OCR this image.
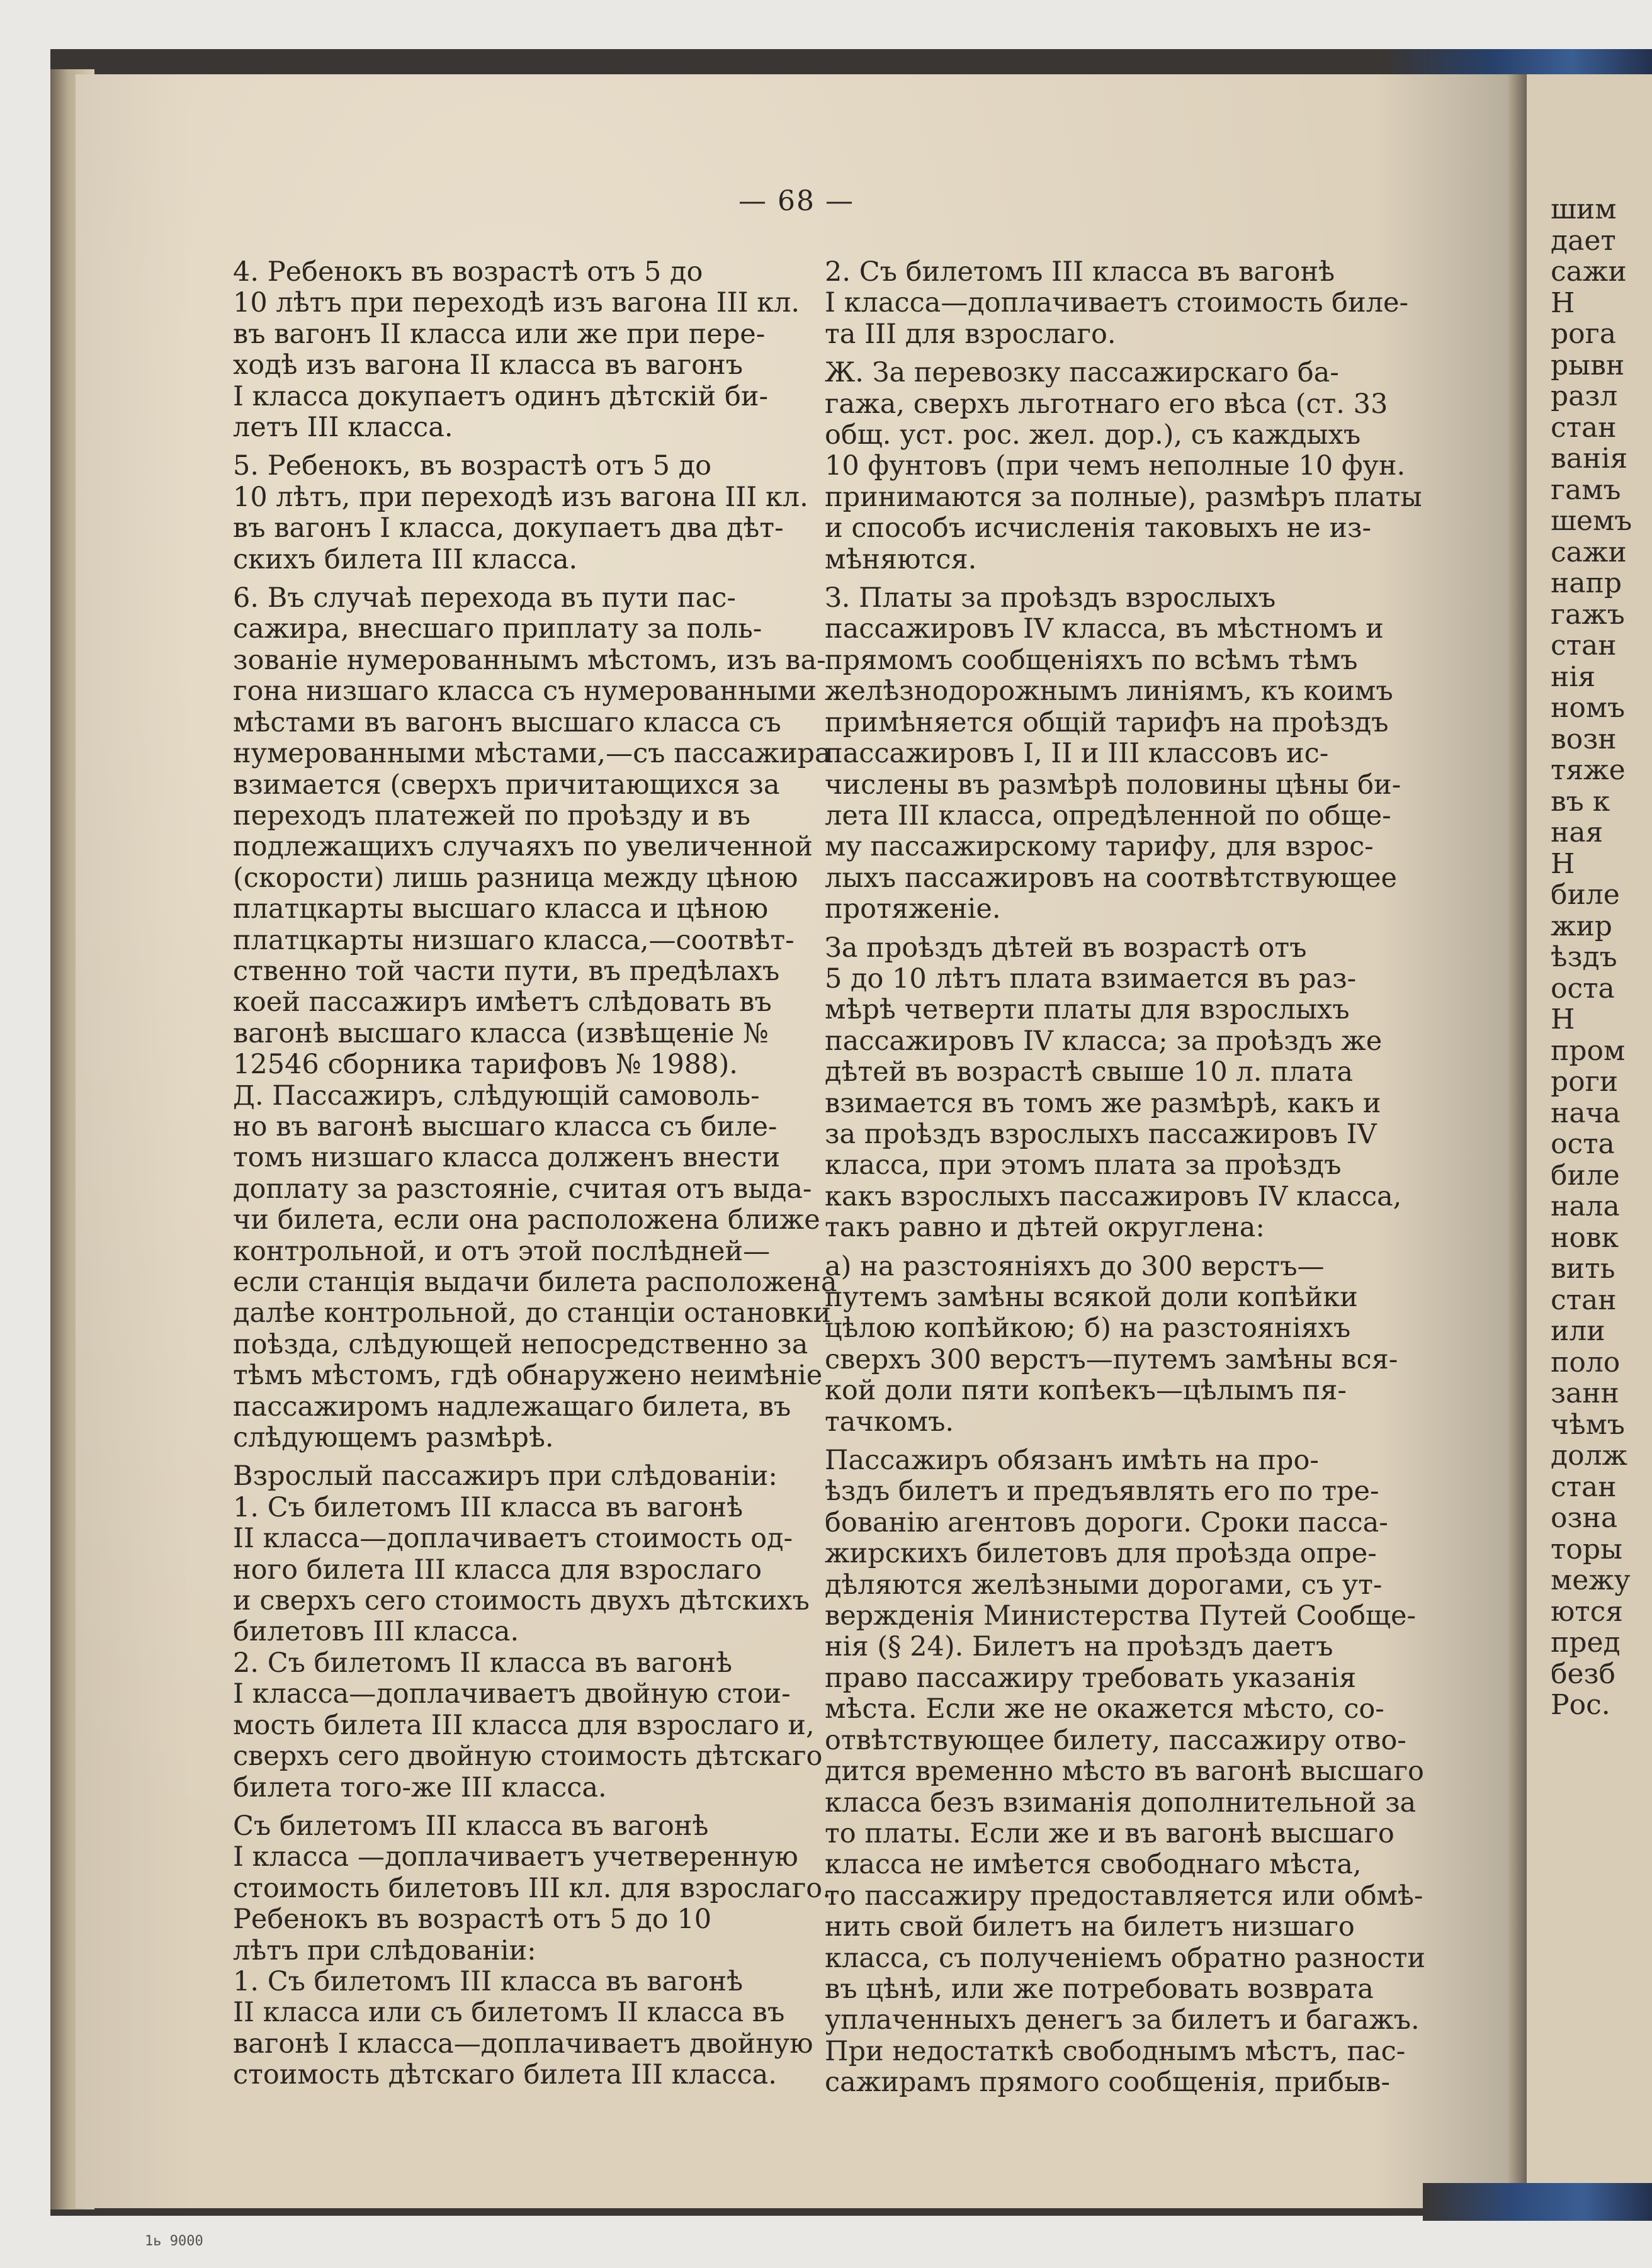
— 68 —
4. Ребенокъ въ возрастѣ отъ 5 до
10 лѣтъ при переходѣ изъ вагона III кл.
въ вагонъ II класса или же при пере-
ходѣ изъ вагона II класса въ вагонъ
I класса докупаетъ одинъ дѣтскій би-
летъ III класса.
5. Ребенокъ, въ возрастѣ отъ 5 до
10 лѣтъ, при переходѣ изъ вагона III кл.
въ вагонъ I класса, докупаетъ два дѣт-
скихъ билета III класса.
6. Въ случаѣ перехода въ пути пас-
сажира, внесшаго приплату за поль-
зованіе нумерованнымъ мѣстомъ, изъ ва-
гона низшаго класса съ нумерованными
мѣстами въ вагонъ высшаго класса съ
нумерованными мѣстами,—съ пассажира
взимается (сверхъ причитающихся за
переходъ платежей по проѣзду и въ
подлежащихъ случаяхъ по увеличенной
(скорости) лишь разница между цѣною
платцкарты высшаго класса и цѣною
платцкарты низшаго класса,—соотвѣт-
ственно той части пути, въ предѣлахъ
коей пассажиръ имѣетъ слѣдовать въ
вагонѣ высшаго класса (извѣщеніе №
12546 сборника тарифовъ № 1988).
Д. Пассажиръ, слѣдующій самоволь-
но въ вагонѣ высшаго класса съ биле-
томъ низшаго класса долженъ внести
доплату за разстояніе, считая отъ выда-
чи билета, если она расположена ближе
контрольной, и отъ этой послѣдней—
если станція выдачи билета расположена
далѣе контрольной, до станціи остановки
поѣзда, слѣдующей непосредственно за
тѣмъ мѣстомъ, гдѣ обнаружено неимѣніе
пассажиромъ надлежащаго билета, въ
слѣдующемъ размѣрѣ.
Взрослый пассажиръ при слѣдованіи:
1. Съ билетомъ III класса въ вагонѣ
II класса—доплачиваетъ стоимость од-
ного билета III класса для взрослаго
и сверхъ сего стоимость двухъ дѣтскихъ
билетовъ III класса.
2. Съ билетомъ II класса въ вагонѣ
I класса—доплачиваетъ двойную стои-
мость билета III класса для взрослаго и,
сверхъ сего двойную стоимость дѣтскаго
билета того-же III класса.
Съ билетомъ III класса въ вагонѣ
I класса —доплачиваетъ учетверенную
стоимость билетовъ III кл. для взрослаго.
Ребенокъ въ возрастѣ отъ 5 до 10
лѣтъ при слѣдованіи:
1. Съ билетомъ III класса въ вагонѣ
II класса или съ билетомъ II класса въ
вагонѣ I класса—доплачиваетъ двойную
стоимость дѣтскаго билета III класса.
2. Съ билетомъ III класса въ вагонѣ
I класса—доплачиваетъ стоимость биле-
та III для взрослаго.
Ж. За перевозку пассажирскаго ба-
гажа, сверхъ льготнаго его вѣса (ст. 33
общ. уст. рос. жел. дор.), съ каждыхъ
10 фунтовъ (при чемъ неполные 10 фун.
принимаются за полные), размѣръ платы
и способъ исчисленія таковыхъ не из-
мѣняются.
З. Платы за проѣздъ взрослыхъ
пассажировъ IV класса, въ мѣстномъ и
прямомъ сообщеніяхъ по всѣмъ тѣмъ
желѣзнодорожнымъ линіямъ, къ коимъ
примѣняется общій тарифъ на проѣздъ
пассажировъ I, II и III классовъ ис-
числены въ размѣрѣ половины цѣны би-
лета III класса, опредѣленной по обще-
му пассажирскому тарифу, для взрос-
лыхъ пассажировъ на соотвѣтствующее
протяженіе.
За проѣздъ дѣтей въ возрастѣ отъ
5 до 10 лѣтъ плата взимается въ раз-
мѣрѣ четверти платы для взрослыхъ
пассажировъ IV класса; за проѣздъ же
дѣтей въ возрастѣ свыше 10 л. плата
взимается въ томъ же размѣрѣ, какъ и
за проѣздъ взрослыхъ пассажировъ IV
класса, при этомъ плата за проѣздъ
какъ взрослыхъ пассажировъ IV класса,
такъ равно и дѣтей округлена:
а) на разстояніяхъ до 300 верстъ—
путемъ замѣны всякой доли копѣйки
цѣлою копѣйкою; б) на разстояніяхъ
сверхъ 300 верстъ—путемъ замѣны вся-
кой доли пяти копѣекъ—цѣлымъ пя-
тачкомъ.
Пассажиръ обязанъ имѣть на про-
ѣздъ билетъ и предъявлять его по тре-
бованію агентовъ дороги. Сроки пасса-
жирскихъ билетовъ для проѣзда опре-
дѣляются желѣзными дорогами, съ ут-
вержденія Министерства Путей Сообще-
нія (§ 24). Билетъ на проѣздъ даетъ
право пассажиру требовать указанія
мѣста. Если же не окажется мѣсто, со-
отвѣтствующее билету, пассажиру отво-
дится временно мѣсто въ вагонѣ высшаго
класса безъ взиманія дополнительной за
то платы. Если же и въ вагонѣ высшаго
класса не имѣется свободнаго мѣста,
то пассажиру предоставляется или обмѣ-
нить свой билетъ на билетъ низшаго
класса, съ полученіемъ обратно разности
въ цѣнѣ, или же потребовать возврата
уплаченныхъ денегъ за билетъ и багажъ.
При недостаткѣ свободнымъ мѣстъ, пас-
сажирамъ прямого сообщенія, прибыв-
1ь 9000
шим
дает
сажи
Н
рога
рывн
разл
стан
ванія
гамъ
шемъ
сажи
напр
гажъ
стан
нія
номъ
возн
тяже
въ к
ная
Н
биле
жир
ѣздъ
оста
Н
пром
роги
нача
оста
биле
нала
новк
вить
стан
или
поло
занн
чѣмъ
долж
стан
озна
торы
межу
ются
пред
безб
Рос.
